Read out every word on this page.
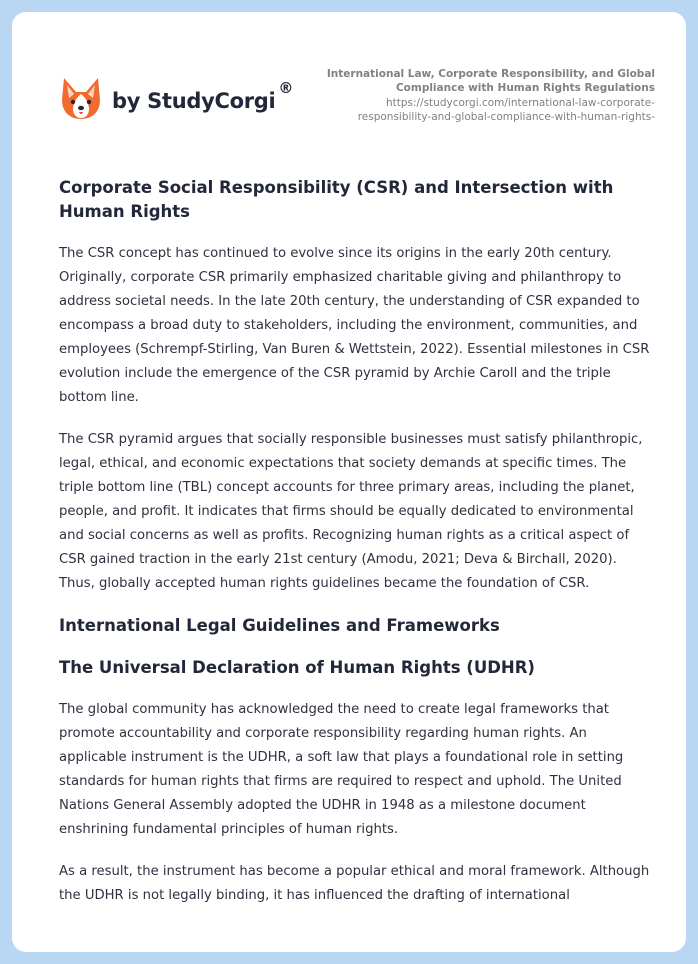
by StudyCorgi
®
International Law, Corporate Responsibility, and Global Compliance with Human Rights Regulations
https://studycorgi.com/international-law-corporate-
responsibility-and-global-compliance-with-human-rights-
Corporate Social Responsibility (CSR) and Intersection with Human Rights

The CSR concept has continued to evolve since its origins in the early 20th century. Originally, corporate CSR primarily emphasized charitable giving and philanthropy to address societal needs. In the late 20th century, the understanding of CSR expanded to encompass a broad duty to stakeholders, including the environment, communities, and employees (Schrempf-Stirling, Van Buren & Wettstein, 2022). Essential milestones in CSR evolution include the emergence of the CSR pyramid by Archie Caroll and the triple bottom line.

The CSR pyramid argues that socially responsible businesses must satisfy philanthropic, legal, ethical, and economic expectations that society demands at specific times. The triple bottom line (TBL) concept accounts for three primary areas, including the planet, people, and profit. It indicates that firms should be equally dedicated to environmental and social concerns as well as profits. Recognizing human rights as a critical aspect of CSR gained traction in the early 21st century (Amodu, 2021; Deva & Birchall, 2020). Thus, globally accepted human rights guidelines became the foundation of CSR.

International Legal Guidelines and Frameworks
The Universal Declaration of Human Rights (UDHR)

The global community has acknowledged the need to create legal frameworks that promote accountability and corporate responsibility regarding human rights. An applicable instrument is the UDHR, a soft law that plays a foundational role in setting standards for human rights that firms are required to respect and uphold. The United Nations General Assembly adopted the UDHR in 1948 as a milestone document enshrining fundamental principles of human rights.

As a result, the instrument has become a popular ethical and moral framework. Although the UDHR is not legally binding, it has influenced the drafting of international
